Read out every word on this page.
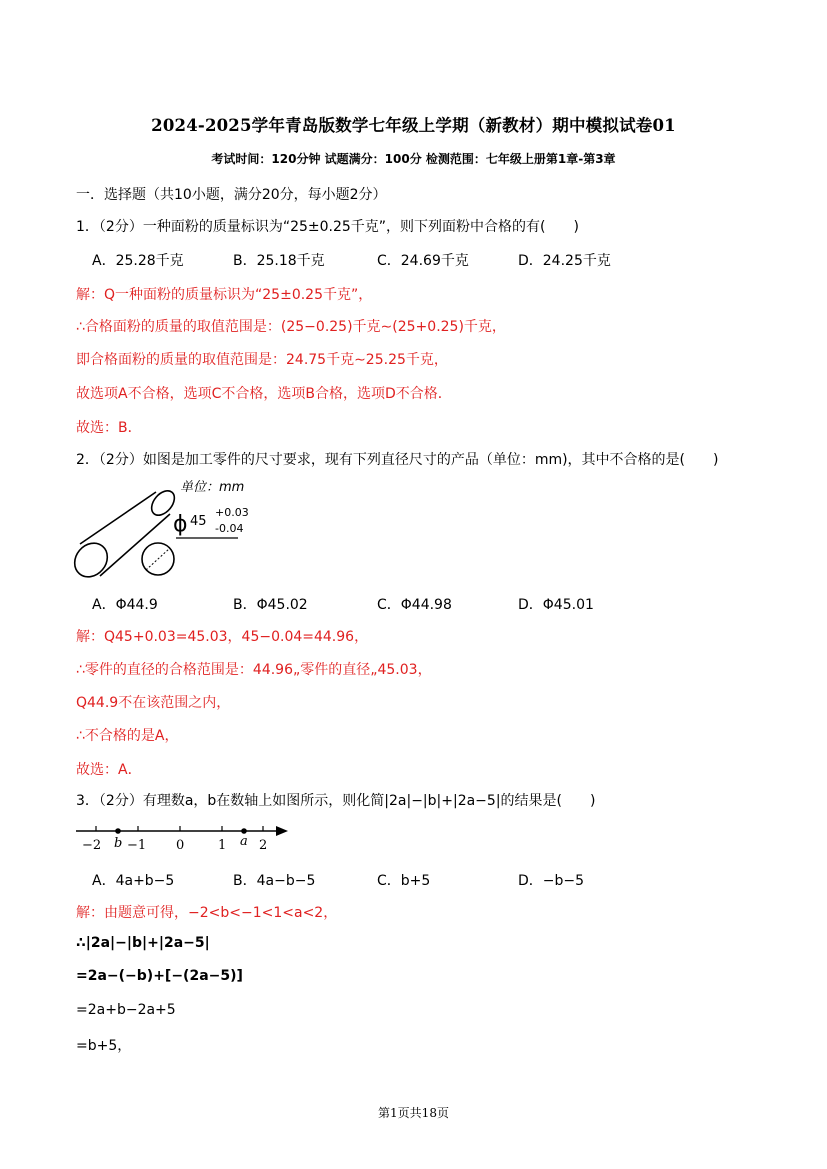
2024-2025学年青岛版数学七年级上学期（新教材）期中模拟试卷01
考试时间：120分钟 试题满分：100分 检测范围：七年级上册第1章-第3章
一．选择题（共10小题，满分20分，每小题2分）
1．（2分）一种面粉的质量标识为“25±0.25千克”，则下列面粉中合格的有(　　)
A．25.28千克	B．25.18千克	C．24.69千克	D．24.25千克
解：Q一种面粉的质量标识为“25±0.25千克”，
∴合格面粉的质量的取值范围是：(25−0.25)千克∼(25+0.25)千克，
即合格面粉的质量的取值范围是：24.75千克∼25.25千克，
故选项A不合格，选项C不合格，选项B合格，选项D不合格．
故选：B．
2．（2分）如图是加工零件的尺寸要求，现有下列直径尺寸的产品（单位：mm)，其中不合格的是(　　)
单位：mm
ϕ 45
+0.03
-0.04
A．Φ44.9	B．Φ45.02	C．Φ44.98	D．Φ45.01
解：Q45+0.03=45.03，45−0.04=44.96，
∴零件的直径的合格范围是：44.96„零件的直径„45.03，
Q44.9不在该范围之内，
∴不合格的是A，
故选：A．
3．（2分）有理数a，b在数轴上如图所示，则化简|2a|−|b|+|2a−5|的结果是(　　)
−2 b −1 0	1 a 2
A．4a+b−5	B．4a−b−5	C．b+5	D．−b−5
解：由题意可得，−2<b<−1<1<a<2，
∴|2a|−|b|+|2a−5|
=2a−(−b)+[−(2a−5)]
=2a+b−2a+5
=b+5，
第1页共18页
